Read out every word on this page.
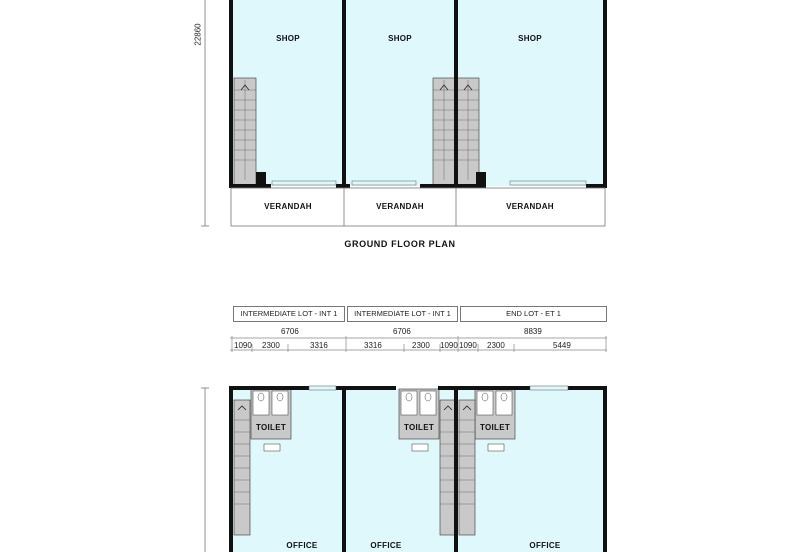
22860	SHOP	SHOP	SHOP
VERANDAH	VERANDAH	VERANDAH
GROUND FLOOR PLAN
INTERMEDIATE LOT - INT 1	INTERMEDIATE LOT - INT 1	END LOT - ET 1
6706	6706	8839
1090 2300	3316	3316	2300 1090 1090 2300	5449
TOILET	TOILET	TOILET
OFFICE	OFFICE	OFFICE
